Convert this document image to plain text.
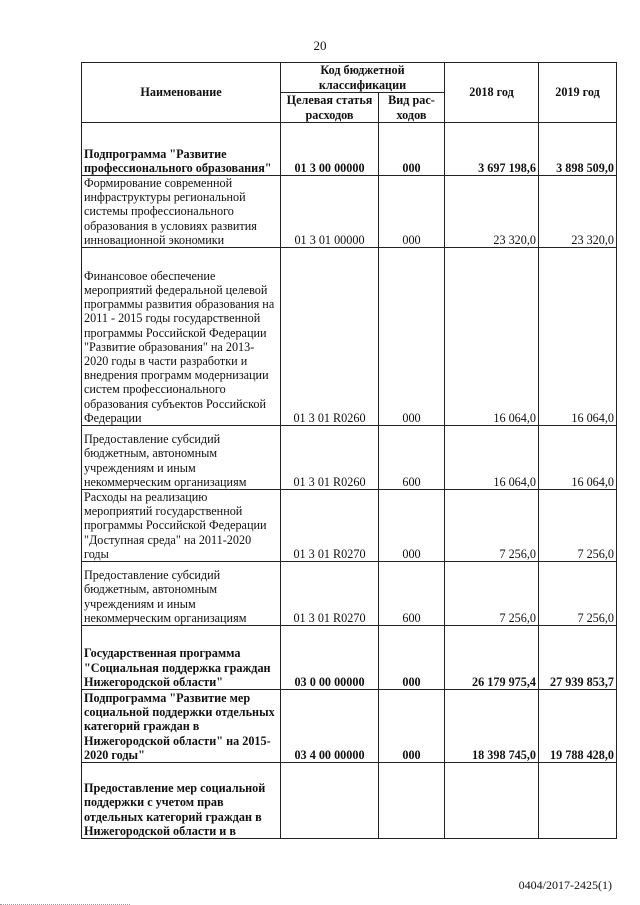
20
Наименование	Код бюджетной классификации		2018 год	2019 год
	Целевая статья расходов	Вид рас- ходов		
Подпрограмма "Развитие профессионального образования"	01 3 00 00000	000	3 697 198,6	3 898 509,0
Формирование современной инфраструктуры региональной системы профессионального образования в условиях развития инновационной экономики	01 3 01 00000	000	23 320,0	23 320,0
Финансовое обеспечение мероприятий федеральной целевой программы развития образования на 2011 - 2015 годы государственной программы Российской Федерации "Развитие образования" на 2013-2020 годы в части разработки и внедрения программ модернизации систем профессионального образования субъектов Российской Федерации	01 3 01 R0260	000	16 064,0	16 064,0
Предоставление субсидий бюджетным, автономным учреждениям и иным некоммерческим организациям	01 3 01 R0260	600	16 064,0	16 064,0
Расходы на реализацию мероприятий государственной программы Российской Федерации "Доступная среда" на 2011-2020 годы	01 3 01 R0270	000	7 256,0	7 256,0
Предоставление субсидий бюджетным, автономным учреждениям и иным некоммерческим организациям	01 3 01 R0270	600	7 256,0	7 256,0
Государственная программа "Социальная поддержка граждан Нижегородской области"	03 0 00 00000	000	26 179 975,4	27 939 853,7
Подпрограмма "Развитие мер социальной поддержки отдельных категорий граждан в Нижегородской области" на 2015-2020 годы"	03 4 00 00000	000	18 398 745,0	19 788 428,0
Предоставление мер социальной поддержки с учетом прав отдельных категорий граждан в Нижегородской области и в				
0404/2017-2425(1)
